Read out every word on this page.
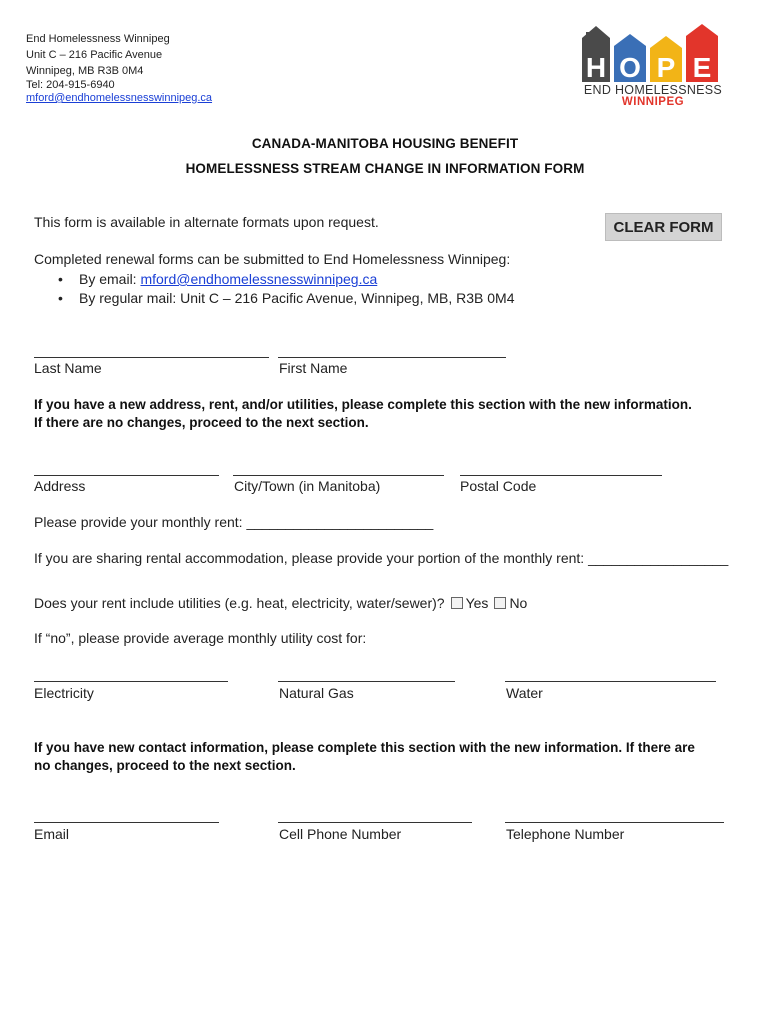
End Homelessness Winnipeg
Unit C – 216 Pacific Avenue
Winnipeg, MB R3B 0M4
Tel: 204-915-6940
mford@endhomelessnesswinnipeg.ca
H O P E
END HOMELESSNESS
WINNIPEG
CANADA-MANITOBA HOUSING BENEFIT
HOMELESSNESS STREAM CHANGE IN INFORMATION FORM
This form is available in alternate formats upon request.	CLEAR FORM
Completed renewal forms can be submitted to End Homelessness Winnipeg:
• By email: mford@endhomelessnesswinnipeg.ca
• By regular mail: Unit C – 216 Pacific Avenue, Winnipeg, MB, R3B 0M4
Last Name	First Name
If you have a new address, rent, and/or utilities, please complete this section with the new information.
If there are no changes, proceed to the next section.
Address	City/Town (in Manitoba)	Postal Code
Please provide your monthly rent: ________________________
If you are sharing rental accommodation, please provide your portion of the monthly rent: __________________
Does your rent include utilities (e.g. heat, electricity, water/sewer)? Yes No
If “no”, please provide average monthly utility cost for:
Electricity	Natural Gas	Water
If you have new contact information, please complete this section with the new information. If there are
no changes, proceed to the next section.
Email	Cell Phone Number	Telephone Number
